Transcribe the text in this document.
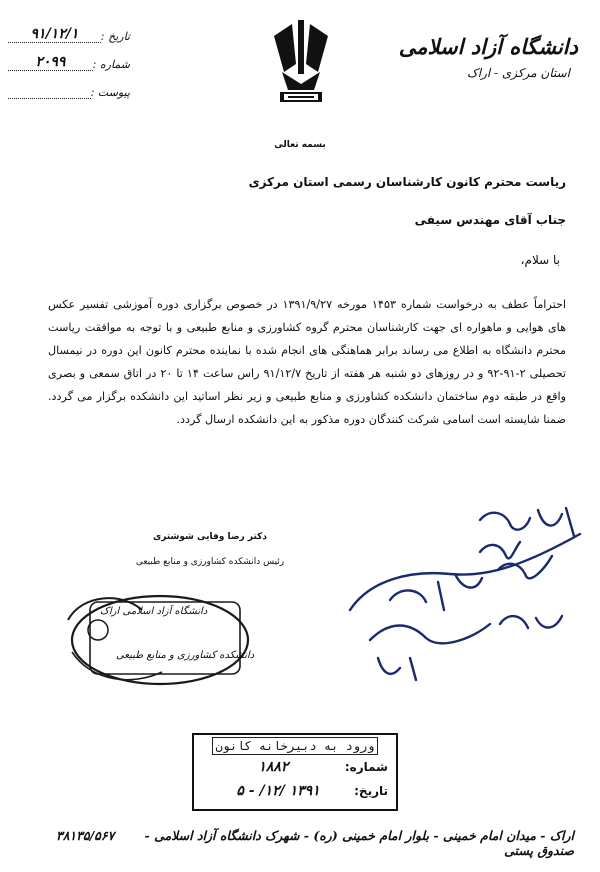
دانشگاه آزاد اسلامی
استان مرکزی - اراک
تاریخ :
۹۱/۱۲/۱
شماره :
۲۰۹۹
پیوست :

بسمه تعالی
ریاست محترم کانون کارشناسان رسمی استان مرکزی
جناب آقای مهندس سیفی
با سلام،
احتراماً عطف به درخواست شماره ۱۴۵۳ مورخه ۱۳۹۱/۹/۲۷ در خصوص برگزاری دوره آموزشی تفسیر عکس های هوایی و ماهواره ای جهت کارشناسان محترم گروه کشاورزی و منابع طبیعی و با توجه به موافقت ریاست محترم دانشگاه به اطلاع می رساند برابر هماهنگی های انجام شده با نماینده محترم کانون این دوره در نیمسال تحصیلی ۲-۹۱-۹۲ و در روزهای دو شنبه هر هفته از تاریخ ۹۱/۱۲/۷ راس ساعت ۱۴ تا ۲۰ در اتاق سمعی و بصری واقع در طبقه دوم ساختمان دانشکده کشاورزی و منابع طبیعی و زیر نظر اساتید این دانشکده برگزار می گردد. ضمنا شایسته است اسامی شرکت کنندگان دوره مذکور به این دانشکده ارسال گردد.
دکتر رضا وفایی شوشتری
رئیس دانشکده کشاورزی و منابع طبیعی
دانشگاه آزاد اسلامی اراک
دانشکده کشاورزی و منابع طبیعی
ورود به دبیرخانه کانون
شماره:
۱۸۸۲
تاریخ:
۱۳۹۱ /۱۲/ - ۵
۳۸۱۳۵/۵۶۷ اراک - میدان امام خمینی - بلوار امام خمینی (ره) - شهرک دانشگاه آزاد اسلامی - صندوق پستی
